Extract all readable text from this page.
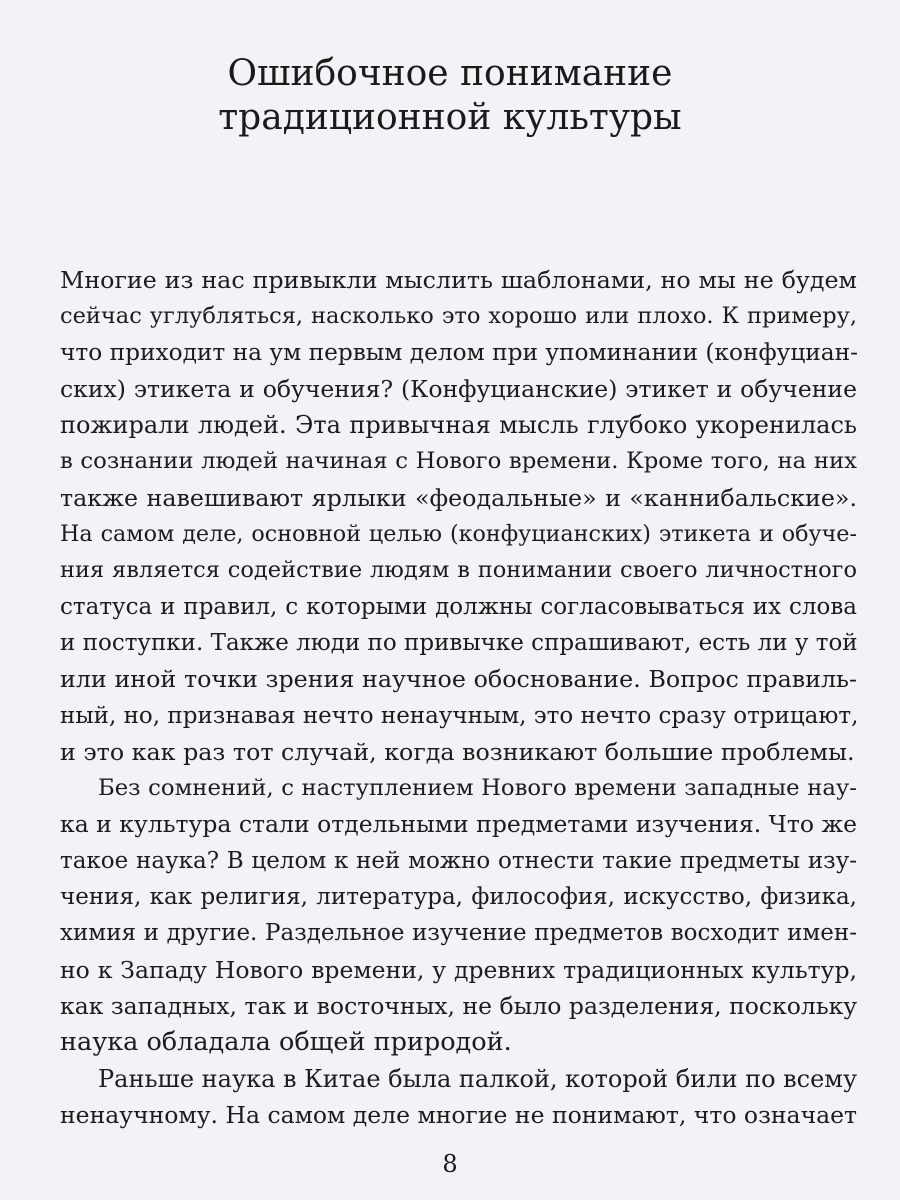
Ошибочное понимание
традиционной культуры
Многие из нас привыкли мыслить шаблонами, но мы не будем
сейчас углубляться, насколько это хорошо или плохо. К примеру,
что приходит на ум первым делом при упоминании (конфуциан-
ских) этикета и обучения? (Конфуцианские) этикет и обучение
пожирали людей. Эта привычная мысль глубоко укоренилась
в сознании людей начиная с Нового времени. Кроме того, на них
также навешивают ярлыки «феодальные» и «каннибальские».
На самом деле, основной целью (конфуцианских) этикета и обуче-
ния является содействие людям в понимании своего личностного
статуса и правил, с которыми должны согласовываться их слова
и поступки. Также люди по привычке спрашивают, есть ли у той
или иной точки зрения научное обоснование. Вопрос правиль-
ный, но, признавая нечто ненаучным, это нечто сразу отрицают,
и это как раз тот случай, когда возникают большие проблемы.
Без сомнений, с наступлением Нового времени западные нау-
ка и культура стали отдельными предметами изучения. Что же
такое наука? В целом к ней можно отнести такие предметы изу-
чения, как религия, литература, философия, искусство, физика,
химия и другие. Раздельное изучение предметов восходит имен-
но к Западу Нового времени, у древних традиционных культур,
как западных, так и восточных, не было разделения, поскольку
наука обладала общей природой.
Раньше наука в Китае была палкой, которой били по всему
ненаучному. На самом деле многие не понимают, что означает
8
